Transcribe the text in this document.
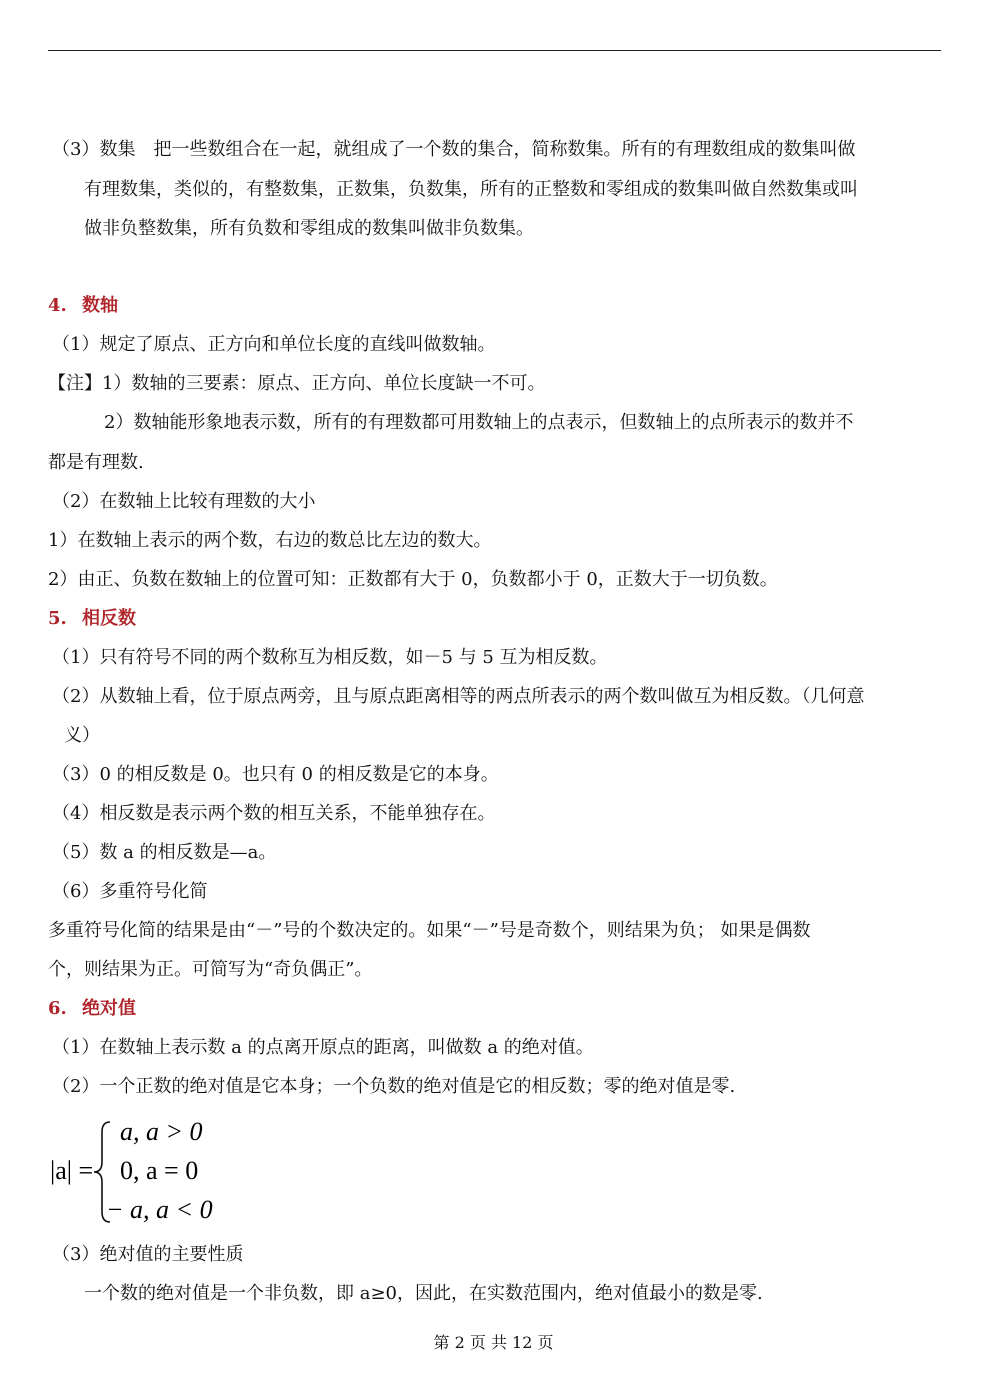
（3）数集　把一些数组合在一起，就组成了一个数的集合，简称数集。所有的有理数组成的数集叫做
有理数集，类似的，有整数集，正数集，负数集，所有的正整数和零组成的数集叫做自然数集或叫
做非负整数集，所有负数和零组成的数集叫做非负数集。
4. 数轴
（1）规定了原点、正方向和单位长度的直线叫做数轴。
【注】1）数轴的三要素：原点、正方向、单位长度缺一不可。
2）数轴能形象地表示数，所有的有理数都可用数轴上的点表示，但数轴上的点所表示的数并不
都是有理数.
（2）在数轴上比较有理数的大小
1）在数轴上表示的两个数，右边的数总比左边的数大。
2）由正、负数在数轴上的位置可知：正数都有大于 0，负数都小于 0，正数大于一切负数。
5. 相反数
（1）只有符号不同的两个数称互为相反数，如－5 与 5 互为相反数。
（2）从数轴上看，位于原点两旁，且与原点距离相等的两点所表示的两个数叫做互为相反数。（几何意
义）
（3）0 的相反数是 0。也只有 0 的相反数是它的本身。
（4）相反数是表示两个数的相互关系，不能单独存在。
（5）数 a 的相反数是—a。
（6）多重符号化简
多重符号化简的结果是由“－”号的个数决定的。如果“－”号是奇数个，则结果为负； 如果是偶数
个，则结果为正。可简写为“奇负偶正”。
6. 绝对值
（1）在数轴上表示数 a 的点离开原点的距离，叫做数 a 的绝对值。
（2）一个正数的绝对值是它本身；一个负数的绝对值是它的相反数；零的绝对值是零.
|a| =
a, a > 0
0, a = 0
− a, a < 0
（3）绝对值的主要性质
一个数的绝对值是一个非负数，即 a≥0，因此，在实数范围内，绝对值最小的数是零.
第 2 页 共 12 页
